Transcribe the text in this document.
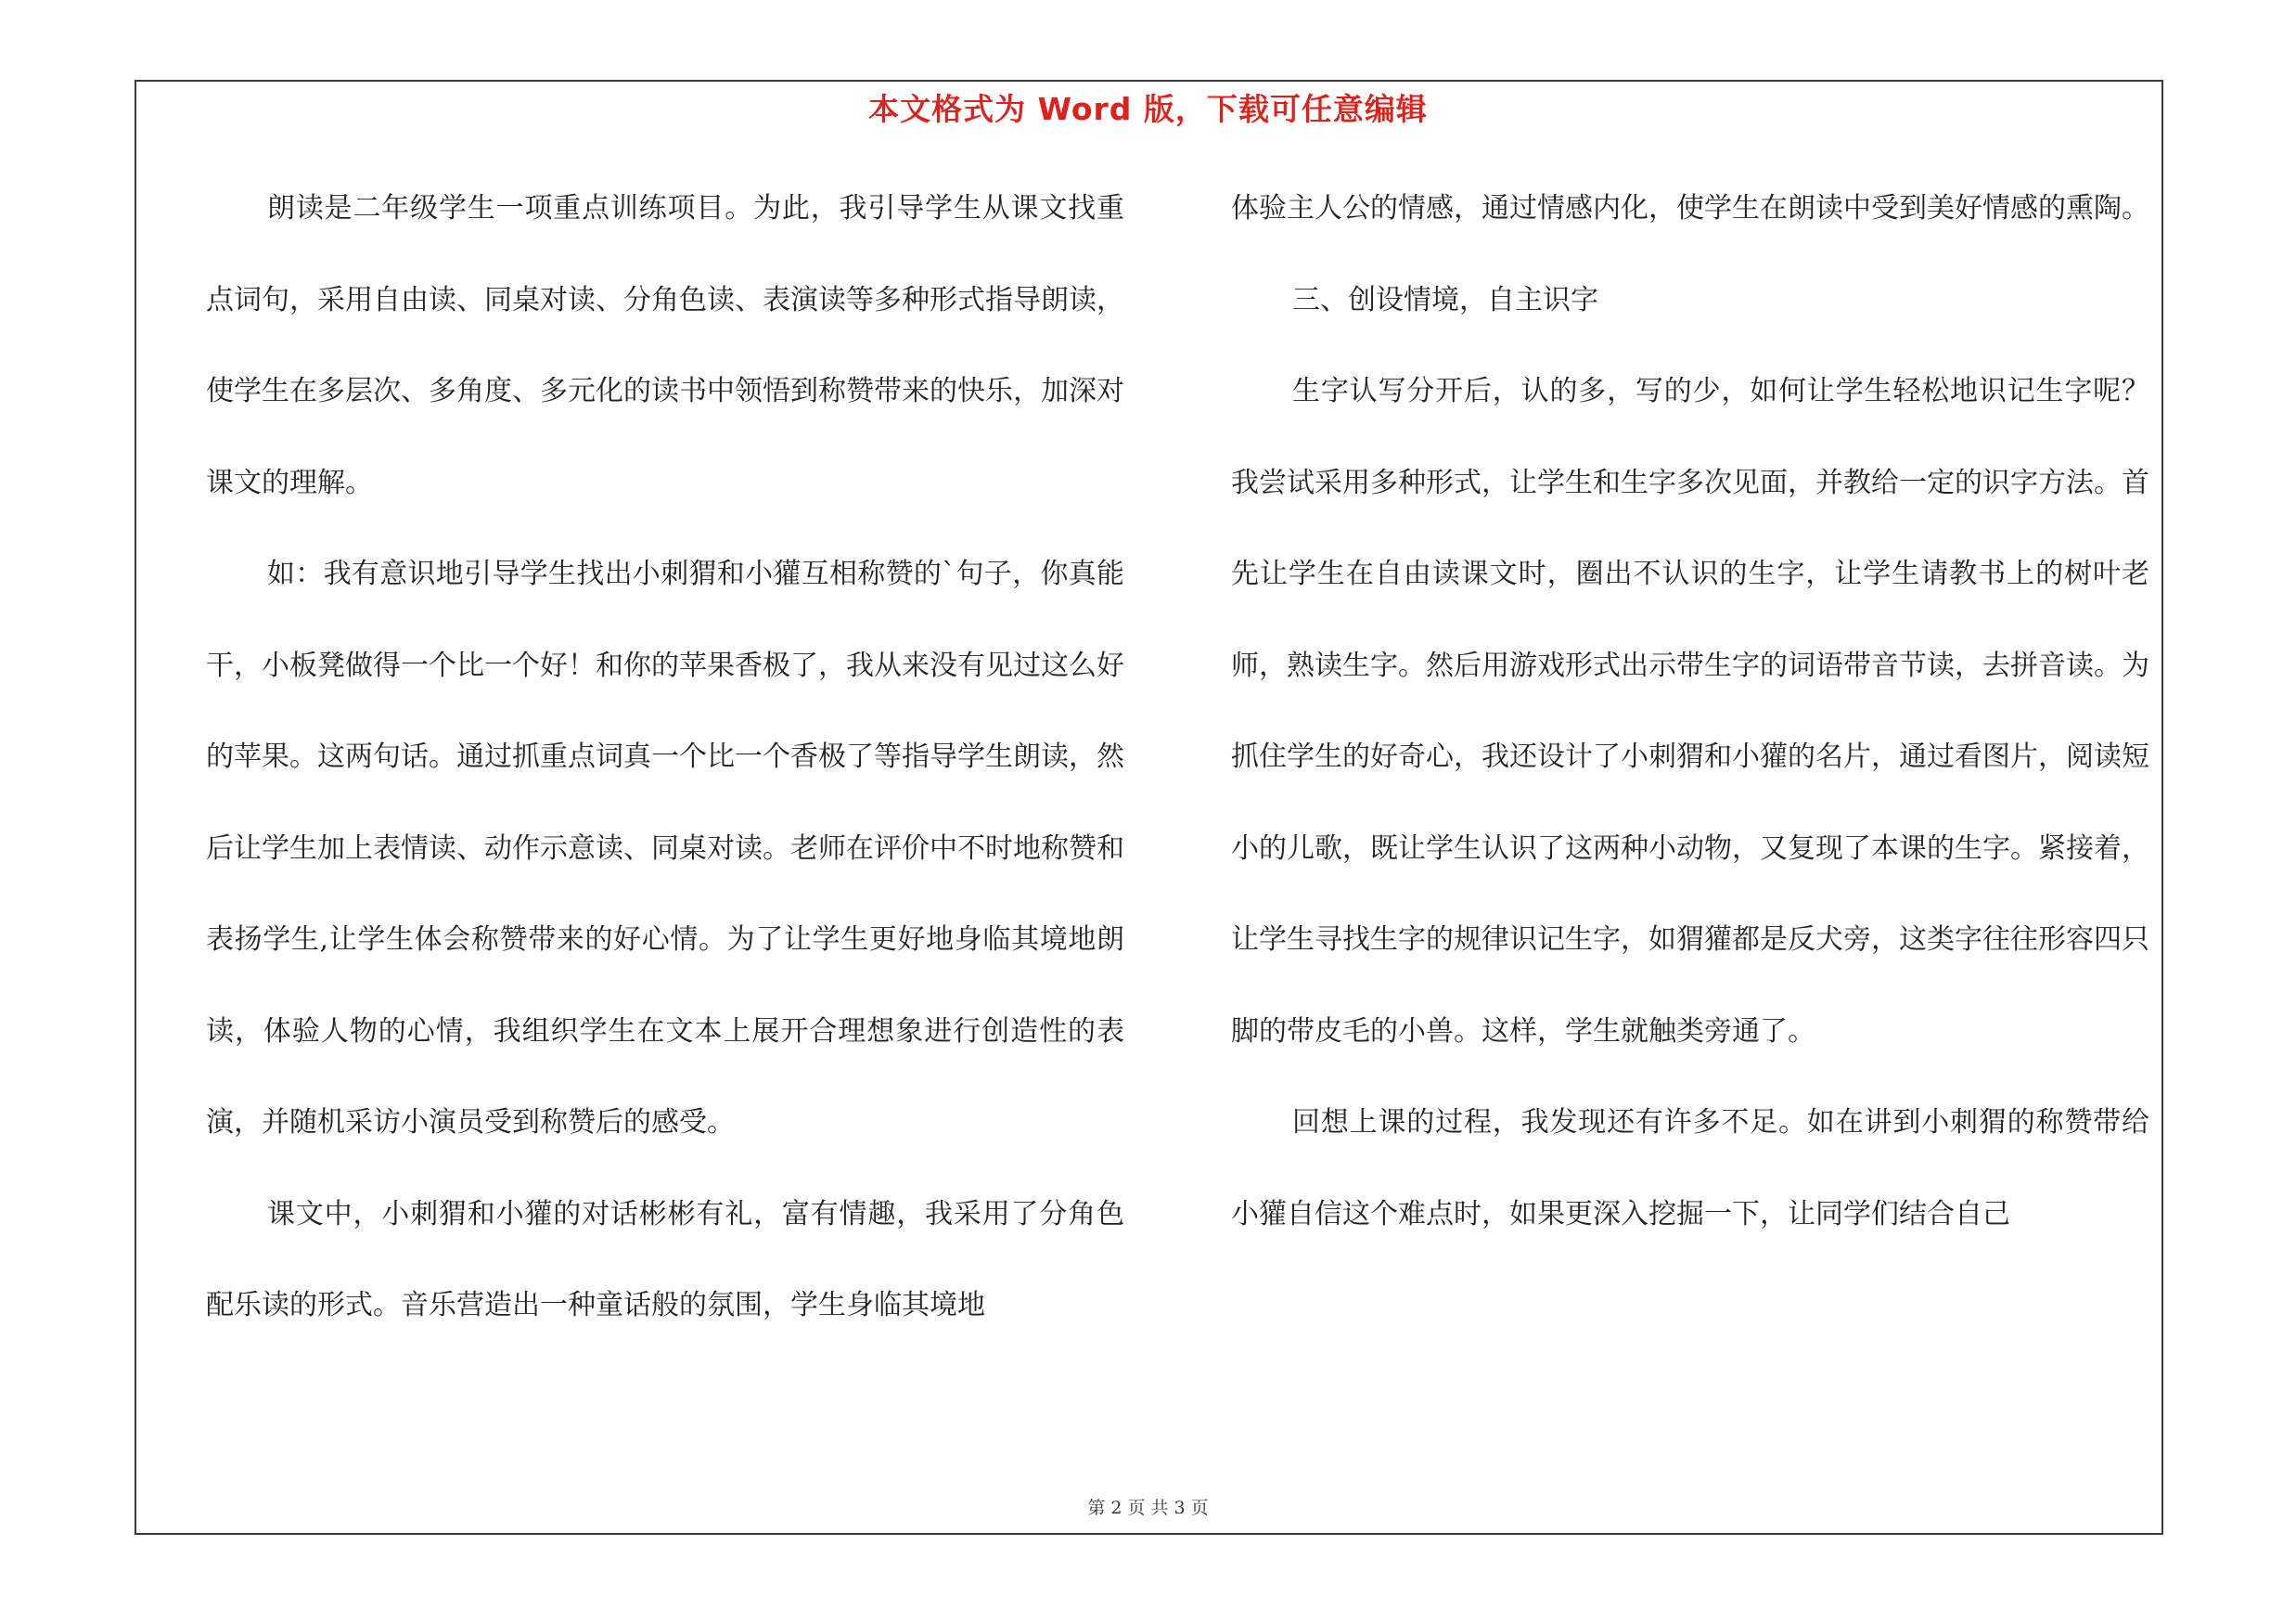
本文格式为 Word 版，下载可任意编辑

朗读是二年级学生一项重点训练项目。为此，我引导学生从课文找重点词句，采用自由读、同桌对读、分角色读、表演读等多种形式指导朗读，使学生在多层次、多角度、多元化的读书中领悟到称赞带来的快乐，加深对课文的理解。

如：我有意识地引导学生找出小刺猬和小獾互相称赞的`句子，你真能干，小板凳做得一个比一个好！和你的苹果香极了，我从来没有见过这么好的苹果。这两句话。通过抓重点词真一个比一个香极了等指导学生朗读，然后让学生加上表情读、动作示意读、同桌对读。老师在评价中不时地称赞和表扬学生,让学生体会称赞带来的好心情。为了让学生更好地身临其境地朗读，体验人物的心情，我组织学生在文本上展开合理想象进行创造性的表演，并随机采访小演员受到称赞后的感受。

课文中，小刺猬和小獾的对话彬彬有礼，富有情趣，我采用了分角色配乐读的形式。音乐营造出一种童话般的氛围，学生身临其境地

体验主人公的情感，通过情感内化，使学生在朗读中受到美好情感的熏陶。

三、创设情境，自主识字

生字认写分开后，认的多，写的少，如何让学生轻松地识记生字呢？我尝试采用多种形式，让学生和生字多次见面，并教给一定的识字方法。首先让学生在自由读课文时，圈出不认识的生字，让学生请教书上的树叶老师，熟读生字。然后用游戏形式出示带生字的词语带音节读，去拼音读。为抓住学生的好奇心，我还设计了小刺猬和小獾的名片，通过看图片，阅读短小的儿歌，既让学生认识了这两种小动物，又复现了本课的生字。紧接着，让学生寻找生字的规律识记生字，如猬獾都是反犬旁，这类字往往形容四只脚的带皮毛的小兽。这样，学生就触类旁通了。

回想上课的过程，我发现还有许多不足。如在讲到小刺猬的称赞带给小獾自信这个难点时，如果更深入挖掘一下，让同学们结合自己

第 2 页 共 3 页
